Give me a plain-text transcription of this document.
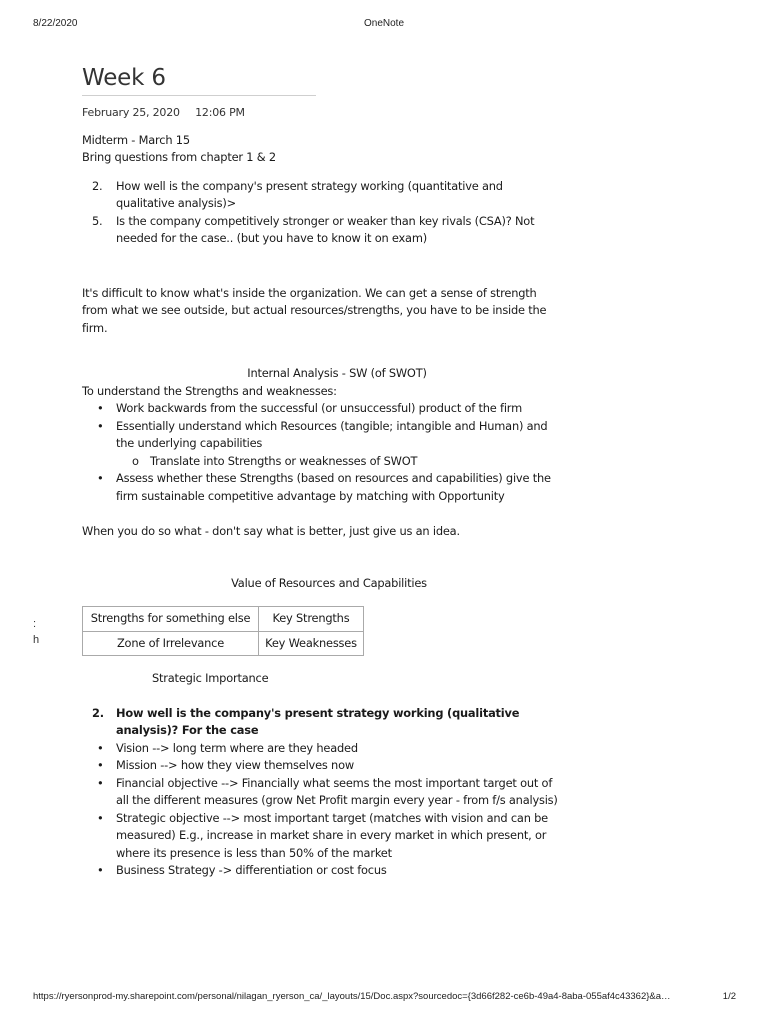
8/22/2020	OneNote
:
h
Week 6
February 25, 2020 12:06 PM

Midterm - March 15

Bring questions from chapter 1 & 2

2. How well is the company's present strategy working (quantitative and qualitative analysis)>
5. Is the company competitively stronger or weaker than key rivals (CSA)? Not needed for the case.. (but you have to know it on exam)

It's difficult to know what's inside the organization. We can get a sense of strength from what we see outside, but actual resources/strengths, you have to be inside the firm.

Internal Analysis - SW (of SWOT)

To understand the Strengths and weaknesses:

• Work backwards from the successful (or unsuccessful) product of the firm
• Essentially understand which Resources (tangible; intangible and Human) and the underlying capabilities
o Translate into Strengths or weaknesses of SWOT
• Assess whether these Strengths (based on resources and capabilities) give the firm sustainable competitive advantage by matching with Opportunity

When you do so what - don't say what is better, just give us an idea.

Value of Resources and Capabilities

Strengths for something else	Key Strengths
Zone of Irrelevance	Key Weaknesses

Strategic Importance

2. How well is the company's present strategy working (qualitative analysis)? For the case
• Vision --> long term where are they headed
• Mission --> how they view themselves now
• Financial objective --> Financially what seems the most important target out of all the different measures (grow Net Profit margin every year - from f/s analysis)
• Strategic objective --> most important target (matches with vision and can be measured) E.g., increase in market share in every market in which present, or where its presence is less than 50% of the market
• Business Strategy -> differentiation or cost focus
https://ryersonprod-my.sharepoint.com/personal/nilagan_ryerson_ca/_layouts/15/Doc.aspx?sourcedoc={3d66f282-ce6b-49a4-8aba-055af4c43362}&a…	1/2
